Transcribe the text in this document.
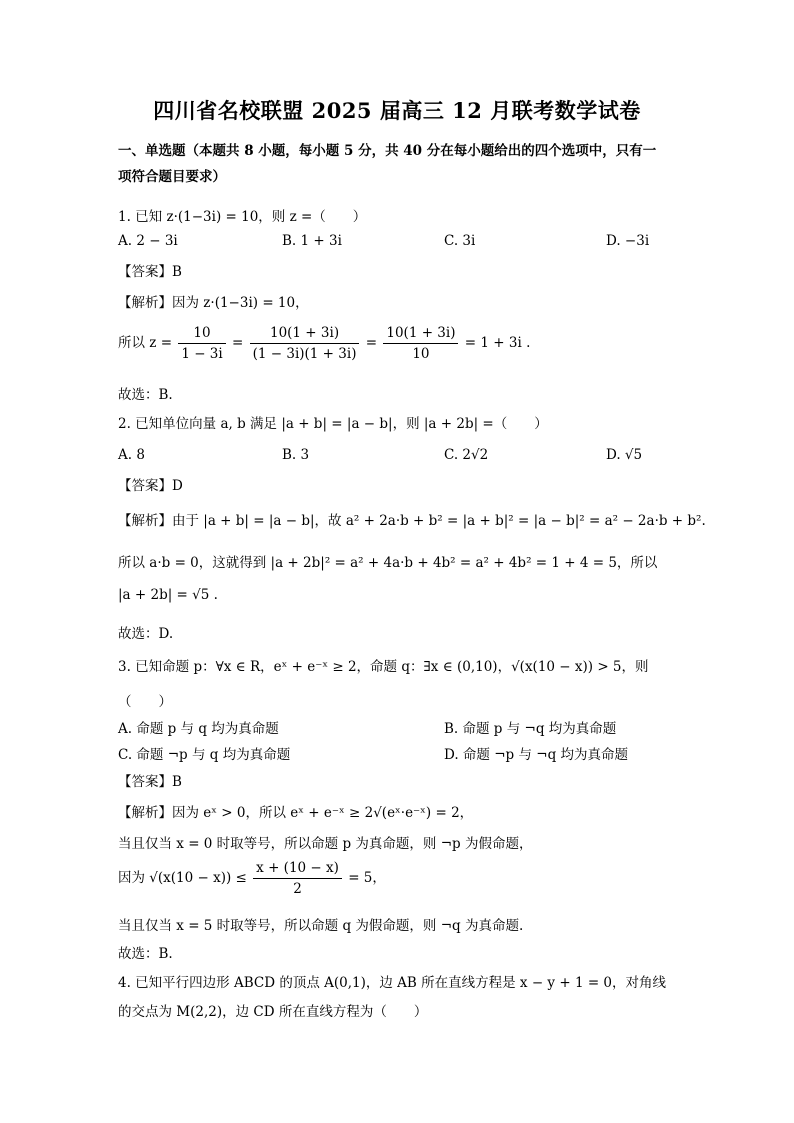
四川省名校联盟 2025 届高三 12 月联考数学试卷
一、单选题（本题共 8 小题，每小题 5 分，共 40 分在每小题给出的四个选项中，只有一
项符合题目要求）
1. 已知 z·(1−3i) = 10，则 z =（　　）
A. 2 − 3i	B. 1 + 3i	C. 3i	D. −3i
【答案】B
【解析】因为 z·(1−3i) = 10，
所以 $z = \frac{10}{1 - 3i} = \frac{10(1 + 3i)}{(1 - 3i)(1 + 3i)} = \frac{10(1 + 3i)}{10} = 1 + 3i$ .
故选：B.
2. 已知单位向量 a, b 满足 |a + b| = |a − b|，则 |a + 2b| =（　　）
A. 8	B. 3	C. 2√2	D. √5
【答案】D
【解析】由于 |a + b| = |a − b|，故 a² + 2a·b + b² = |a + b|² = |a − b|² = a² − 2a·b + b².
所以 a·b = 0，这就得到 |a + 2b|² = a² + 4a·b + 4b² = a² + 4b² = 1 + 4 = 5，所以
|a + 2b| = √5 .
故选：D.
3. 已知命题 p：∀x ∈ R，eˣ + e⁻ˣ ≥ 2，命题 q：∃x ∈ (0,10)，√(x(10 − x)) > 5，则
（　　）
A. 命题 p 与 q 均为真命题	B. 命题 p 与 ¬q 均为真命题
C. 命题 ¬p 与 q 均为真命题	D. 命题 ¬p 与 ¬q 均为真命题
【答案】B
【解析】因为 eˣ > 0，所以 eˣ + e⁻ˣ ≥ 2√(eˣ·e⁻ˣ) = 2，
当且仅当 x = 0 时取等号，所以命题 p 为真命题，则 ¬p 为假命题，
因为 $√(x(10 - x)) \le \frac{x + (10 - x)}{2} = 5$，
当且仅当 x = 5 时取等号，所以命题 q 为假命题，则 ¬q 为真命题.
故选：B.
4. 已知平行四边形 ABCD 的顶点 A(0,1)，边 AB 所在直线方程是 x − y + 1 = 0，对角线
的交点为 M(2,2)，边 CD 所在直线方程为（　　）
